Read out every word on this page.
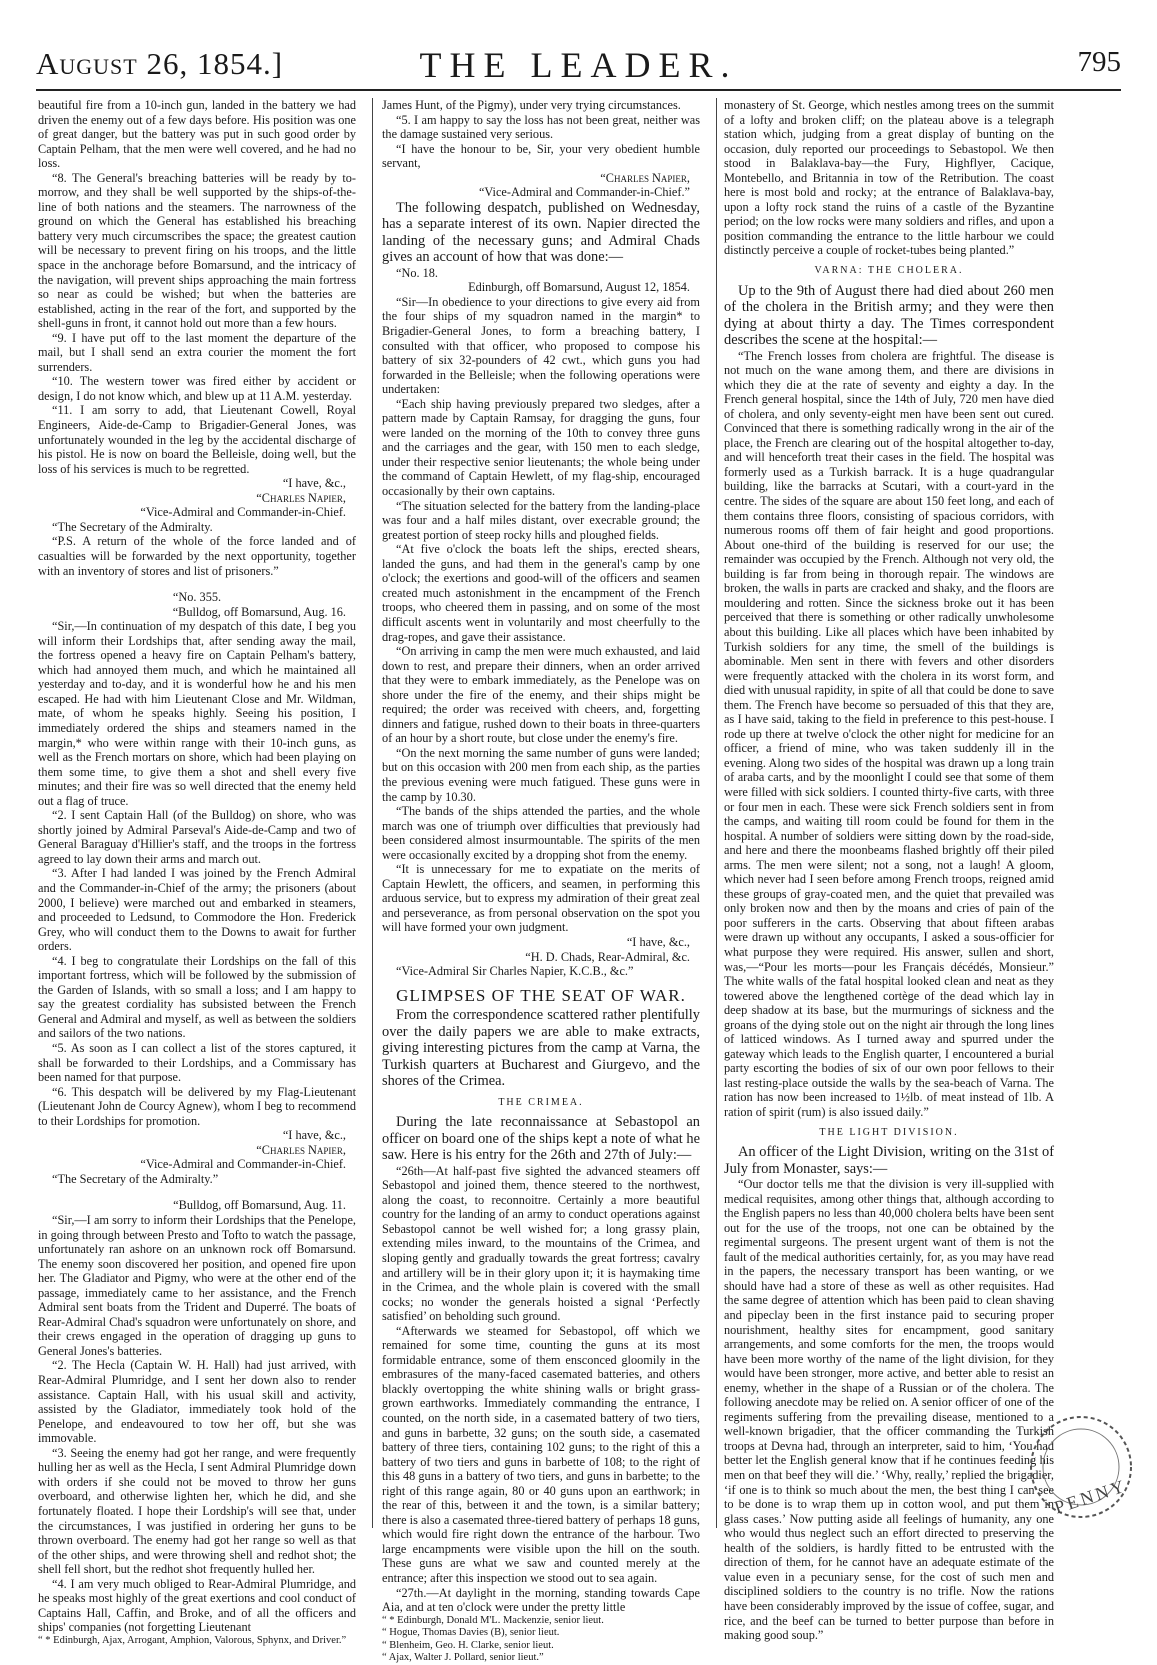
August 26, 1854.]	THE LEADER.	795

beautiful fire from a 10-inch gun, landed in the battery we had driven the enemy out of a few days before. His position was one of great danger, but the battery was put in such good order by Captain Pelham, that the men were well covered, and he had no loss.

“8. The General's breaching batteries will be ready by to-morrow, and they shall be well supported by the ships-of-the-line of both nations and the steamers. The narrowness of the ground on which the General has established his breaching battery very much circumscribes the space; the greatest caution will be necessary to prevent firing on his troops, and the little space in the anchorage before Bomarsund, and the intricacy of the navigation, will prevent ships approaching the main fortress so near as could be wished; but when the batteries are established, acting in the rear of the fort, and supported by the shell-guns in front, it cannot hold out more than a few hours.

“9. I have put off to the last moment the departure of the mail, but I shall send an extra courier the moment the fort surrenders.

“10. The western tower was fired either by accident or design, I do not know which, and blew up at 11 A.M. yesterday.

“11. I am sorry to add, that Lieutenant Cowell, Royal Engineers, Aide-de-Camp to Brigadier-General Jones, was unfortunately wounded in the leg by the accidental discharge of his pistol. He is now on board the Belleisle, doing well, but the loss of his services is much to be regretted.

“I have, &c.,

“Charles Napier,

“Vice-Admiral and Commander-in-Chief.

“The Secretary of the Admiralty.

“P.S. A return of the whole of the force landed and of casualties will be forwarded by the next opportunity, together with an inventory of stores and list of prisoners.”

“No. 355.

“Bulldog, off Bomarsund, Aug. 16.

“Sir,—In continuation of my despatch of this date, I beg you will inform their Lordships that, after sending away the mail, the fortress opened a heavy fire on Captain Pelham's battery, which had annoyed them much, and which he maintained all yesterday and to-day, and it is wonderful how he and his men escaped. He had with him Lieutenant Close and Mr. Wildman, mate, of whom he speaks highly. Seeing his position, I immediately ordered the ships and steamers named in the margin,* who were within range with their 10-inch guns, as well as the French mortars on shore, which had been playing on them some time, to give them a shot and shell every five minutes; and their fire was so well directed that the enemy held out a flag of truce.

“2. I sent Captain Hall (of the Bulldog) on shore, who was shortly joined by Admiral Parseval's Aide-de-Camp and two of General Baraguay d'Hillier's staff, and the troops in the fortress agreed to lay down their arms and march out.

“3. After I had landed I was joined by the French Admiral and the Commander-in-Chief of the army; the prisoners (about 2000, I believe) were marched out and embarked in steamers, and proceeded to Ledsund, to Commodore the Hon. Frederick Grey, who will conduct them to the Downs to await for further orders.

“4. I beg to congratulate their Lordships on the fall of this important fortress, which will be followed by the submission of the Garden of Islands, with so small a loss; and I am happy to say the greatest cordiality has subsisted between the French General and Admiral and myself, as well as between the soldiers and sailors of the two nations.

“5. As soon as I can collect a list of the stores captured, it shall be forwarded to their Lordships, and a Commissary has been named for that purpose.

“6. This despatch will be delivered by my Flag-Lieutenant (Lieutenant John de Courcy Agnew), whom I beg to recommend to their Lordships for promotion.

“I have, &c.,

“Charles Napier,

“Vice-Admiral and Commander-in-Chief.

“The Secretary of the Admiralty.”

“Bulldog, off Bomarsund, Aug. 11.

“Sir,—I am sorry to inform their Lordships that the Penelope, in going through between Presto and Tofto to watch the passage, unfortunately ran ashore on an unknown rock off Bomarsund. The enemy soon discovered her position, and opened fire upon her. The Gladiator and Pigmy, who were at the other end of the passage, immediately came to her assistance, and the French Admiral sent boats from the Trident and Duperré. The boats of Rear-Admiral Chad's squadron were unfortunately on shore, and their crews engaged in the operation of dragging up guns to General Jones's batteries.

“2. The Hecla (Captain W. H. Hall) had just arrived, with Rear-Admiral Plumridge, and I sent her down also to render assistance. Captain Hall, with his usual skill and activity, assisted by the Gladiator, immediately took hold of the Penelope, and endeavoured to tow her off, but she was immovable.

“3. Seeing the enemy had got her range, and were frequently hulling her as well as the Hecla, I sent Admiral Plumridge down with orders if she could not be moved to throw her guns overboard, and otherwise lighten her, which he did, and she fortunately floated. I hope their Lordship's will see that, under the circumstances, I was justified in ordering her guns to be thrown overboard. The enemy had got her range so well as that of the other ships, and were throwing shell and redhot shot; the shell fell short, but the redhot shot frequently hulled her.

“4. I am very much obliged to Rear-Admiral Plumridge, and he speaks most highly of the great exertions and cool conduct of Captains Hall, Caffin, and Broke, and of all the officers and ships' companies (not forgetting Lieutenant

“ * Edinburgh, Ajax, Arrogant, Amphion, Valorous, Sphynx, and Driver.”

James Hunt, of the Pigmy), under very trying circumstances.

“5. I am happy to say the loss has not been great, neither was the damage sustained very serious.

“I have the honour to be, Sir, your very obedient humble servant,

“Charles Napier,

“Vice-Admiral and Commander-in-Chief.”

The following despatch, published on Wednesday, has a separate interest of its own. Napier directed the landing of the necessary guns; and Admiral Chads gives an account of how that was done:—

“No. 18.

Edinburgh, off Bomarsund, August 12, 1854.

“Sir—In obedience to your directions to give every aid from the four ships of my squadron named in the margin* to Brigadier-General Jones, to form a breaching battery, I consulted with that officer, who proposed to compose his battery of six 32-pounders of 42 cwt., which guns you had forwarded in the Belleisle; when the following operations were undertaken:

“Each ship having previously prepared two sledges, after a pattern made by Captain Ramsay, for dragging the guns, four were landed on the morning of the 10th to convey three guns and the carriages and the gear, with 150 men to each sledge, under their respective senior lieutenants; the whole being under the command of Captain Hewlett, of my flag-ship, encouraged occasionally by their own captains.

“The situation selected for the battery from the landing-place was four and a half miles distant, over execrable ground; the greatest portion of steep rocky hills and ploughed fields.

“At five o'clock the boats left the ships, erected shears, landed the guns, and had them in the general's camp by one o'clock; the exertions and good-will of the officers and seamen created much astonishment in the encampment of the French troops, who cheered them in passing, and on some of the most difficult ascents went in voluntarily and most cheerfully to the drag-ropes, and gave their assistance.

“On arriving in camp the men were much exhausted, and laid down to rest, and prepare their dinners, when an order arrived that they were to embark immediately, as the Penelope was on shore under the fire of the enemy, and their ships might be required; the order was received with cheers, and, forgetting dinners and fatigue, rushed down to their boats in three-quarters of an hour by a short route, but close under the enemy's fire.

“On the next morning the same number of guns were landed; but on this occasion with 200 men from each ship, as the parties the previous evening were much fatigued. These guns were in the camp by 10.30.

“The bands of the ships attended the parties, and the whole march was one of triumph over difficulties that previously had been considered almost insurmountable. The spirits of the men were occasionally excited by a dropping shot from the enemy.

“It is unnecessary for me to expatiate on the merits of Captain Hewlett, the officers, and seamen, in performing this arduous service, but to express my admiration of their great zeal and perseverance, as from personal observation on the spot you will have formed your own judgment.

“I have, &c.,

“H. D. Chads, Rear-Admiral, &c.

“Vice-Admiral Sir Charles Napier, K.C.B., &c.”

GLIMPSES OF THE SEAT OF WAR.

From the correspondence scattered rather plentifully over the daily papers we are able to make extracts, giving interesting pictures from the camp at Varna, the Turkish quarters at Bucharest and Giurgevo, and the shores of the Crimea.

THE CRIMEA.

During the late reconnaissance at Sebastopol an officer on board one of the ships kept a note of what he saw. Here is his entry for the 26th and 27th of July:—

“26th—At half-past five sighted the advanced steamers off Sebastopol and joined them, thence steered to the northwest, along the coast, to reconnoitre. Certainly a more beautiful country for the landing of an army to conduct operations against Sebastopol cannot be well wished for; a long grassy plain, extending miles inward, to the mountains of the Crimea, and sloping gently and gradually towards the great fortress; cavalry and artillery will be in their glory upon it; it is haymaking time in the Crimea, and the whole plain is covered with the small cocks; no wonder the generals hoisted a signal ‘Perfectly satisfied’ on beholding such ground.

“Afterwards we steamed for Sebastopol, off which we remained for some time, counting the guns at its most formidable entrance, some of them ensconced gloomily in the embrasures of the many-faced casemated batteries, and others blackly overtopping the white shining walls or bright grass-grown earthworks. Immediately commanding the entrance, I counted, on the north side, in a casemated battery of two tiers, and guns in barbette, 32 guns; on the south side, a casemated battery of three tiers, containing 102 guns; to the right of this a battery of two tiers and guns in barbette of 108; to the right of this 48 guns in a battery of two tiers, and guns in barbette; to the right of this range again, 80 or 40 guns upon an earthwork; in the rear of this, between it and the town, is a similar battery; there is also a casemated three-tiered battery of perhaps 18 guns, which would fire right down the entrance of the harbour. Two large encampments were visible upon the hill on the south. These guns are what we saw and counted merely at the entrance; after this inspection we stood out to sea again.

“27th.—At daylight in the morning, standing towards Cape Aia, and at ten o'clock were under the pretty little

“ * Edinburgh, Donald M'L. Mackenzie, senior lieut.

“ Hogue, Thomas Davies (B), senior lieut.

“ Blenheim, Geo. H. Clarke, senior lieut.

“ Ajax, Walter J. Pollard, senior lieut.”

monastery of St. George, which nestles among trees on the summit of a lofty and broken cliff; on the plateau above is a telegraph station which, judging from a great display of bunting on the occasion, duly reported our proceedings to Sebastopol. We then stood in Balaklava-bay—the Fury, Highflyer, Cacique, Montebello, and Britannia in tow of the Retribution. The coast here is most bold and rocky; at the entrance of Balaklava-bay, upon a lofty rock stand the ruins of a castle of the Byzantine period; on the low rocks were many soldiers and rifles, and upon a position commanding the entrance to the little harbour we could distinctly perceive a couple of rocket-tubes being planted.”

VARNA: THE CHOLERA.

Up to the 9th of August there had died about 260 men of the cholera in the British army; and they were then dying at about thirty a day. The Times correspondent describes the scene at the hospital:—

“The French losses from cholera are frightful. The disease is not much on the wane among them, and there are divisions in which they die at the rate of seventy and eighty a day. In the French general hospital, since the 14th of July, 720 men have died of cholera, and only seventy-eight men have been sent out cured. Convinced that there is something radically wrong in the air of the place, the French are clearing out of the hospital altogether to-day, and will henceforth treat their cases in the field. The hospital was formerly used as a Turkish barrack. It is a huge quadrangular building, like the barracks at Scutari, with a court-yard in the centre. The sides of the square are about 150 feet long, and each of them contains three floors, consisting of spacious corridors, with numerous rooms off them of fair height and good proportions. About one-third of the building is reserved for our use; the remainder was occupied by the French. Although not very old, the building is far from being in thorough repair. The windows are broken, the walls in parts are cracked and shaky, and the floors are mouldering and rotten. Since the sickness broke out it has been perceived that there is something or other radically unwholesome about this building. Like all places which have been inhabited by Turkish soldiers for any time, the smell of the buildings is abominable. Men sent in there with fevers and other disorders were frequently attacked with the cholera in its worst form, and died with unusual rapidity, in spite of all that could be done to save them. The French have become so persuaded of this that they are, as I have said, taking to the field in preference to this pest-house. I rode up there at twelve o'clock the other night for medicine for an officer, a friend of mine, who was taken suddenly ill in the evening. Along two sides of the hospital was drawn up a long train of araba carts, and by the moonlight I could see that some of them were filled with sick soldiers. I counted thirty-five carts, with three or four men in each. These were sick French soldiers sent in from the camps, and waiting till room could be found for them in the hospital. A number of soldiers were sitting down by the road-side, and here and there the moonbeams flashed brightly off their piled arms. The men were silent; not a song, not a laugh! A gloom, which never had I seen before among French troops, reigned amid these groups of gray-coated men, and the quiet that prevailed was only broken now and then by the moans and cries of pain of the poor sufferers in the carts. Observing that about fifteen arabas were drawn up without any occupants, I asked a sous-officier for what purpose they were required. His answer, sullen and short, was,—“Pour les morts—pour les Français décédés, Monsieur.” The white walls of the fatal hospital looked clean and neat as they towered above the lengthened cortège of the dead which lay in deep shadow at its base, but the murmurings of sickness and the groans of the dying stole out on the night air through the long lines of latticed windows. As I turned away and spurred under the gateway which leads to the English quarter, I encountered a burial party escorting the bodies of six of our own poor fellows to their last resting-place outside the walls by the sea-beach of Varna. The ration has now been increased to 1½lb. of meat instead of 1lb. A ration of spirit (rum) is also issued daily.”

THE LIGHT DIVISION.

An officer of the Light Division, writing on the 31st of July from Monaster, says:—

“Our doctor tells me that the division is very ill-supplied with medical requisites, among other things that, although according to the English papers no less than 40,000 cholera belts have been sent out for the use of the troops, not one can be obtained by the regimental surgeons. The present urgent want of them is not the fault of the medical authorities certainly, for, as you may have read in the papers, the necessary transport has been wanting, or we should have had a store of these as well as other requisites. Had the same degree of attention which has been paid to clean shaving and pipeclay been in the first instance paid to securing proper nourishment, healthy sites for encampment, good sanitary arrangements, and some comforts for the men, the troops would have been more worthy of the name of the light division, for they would have been stronger, more active, and better able to resist an enemy, whether in the shape of a Russian or of the cholera. The following anecdote may be relied on. A senior officer of one of the regiments suffering from the prevailing disease, mentioned to a well-known brigadier, that the officer commanding the Turkish troops at Devna had, through an interpreter, said to him, ‘You had better let the English general know that if he continues feeding his men on that beef they will die.’ ‘Why, really,’ replied the brigadier, ‘if one is to think so much about the men, the best thing I can see to be done is to wrap them up in cotton wool, and put them in glass cases.’ Now putting aside all feelings of humanity, any one who would thus neglect such an effort directed to preserving the health of the soldiers, is hardly fitted to be entrusted with the direction of them, for he cannot have an adequate estimate of the value even in a pecuniary sense, for the cost of such men and disciplined soldiers to the country is no trifle. Now the rations have been considerably improved by the issue of coffee, sugar, and rice, and the beef can be turned to better purpose than before in making good soup.”

PENNY
